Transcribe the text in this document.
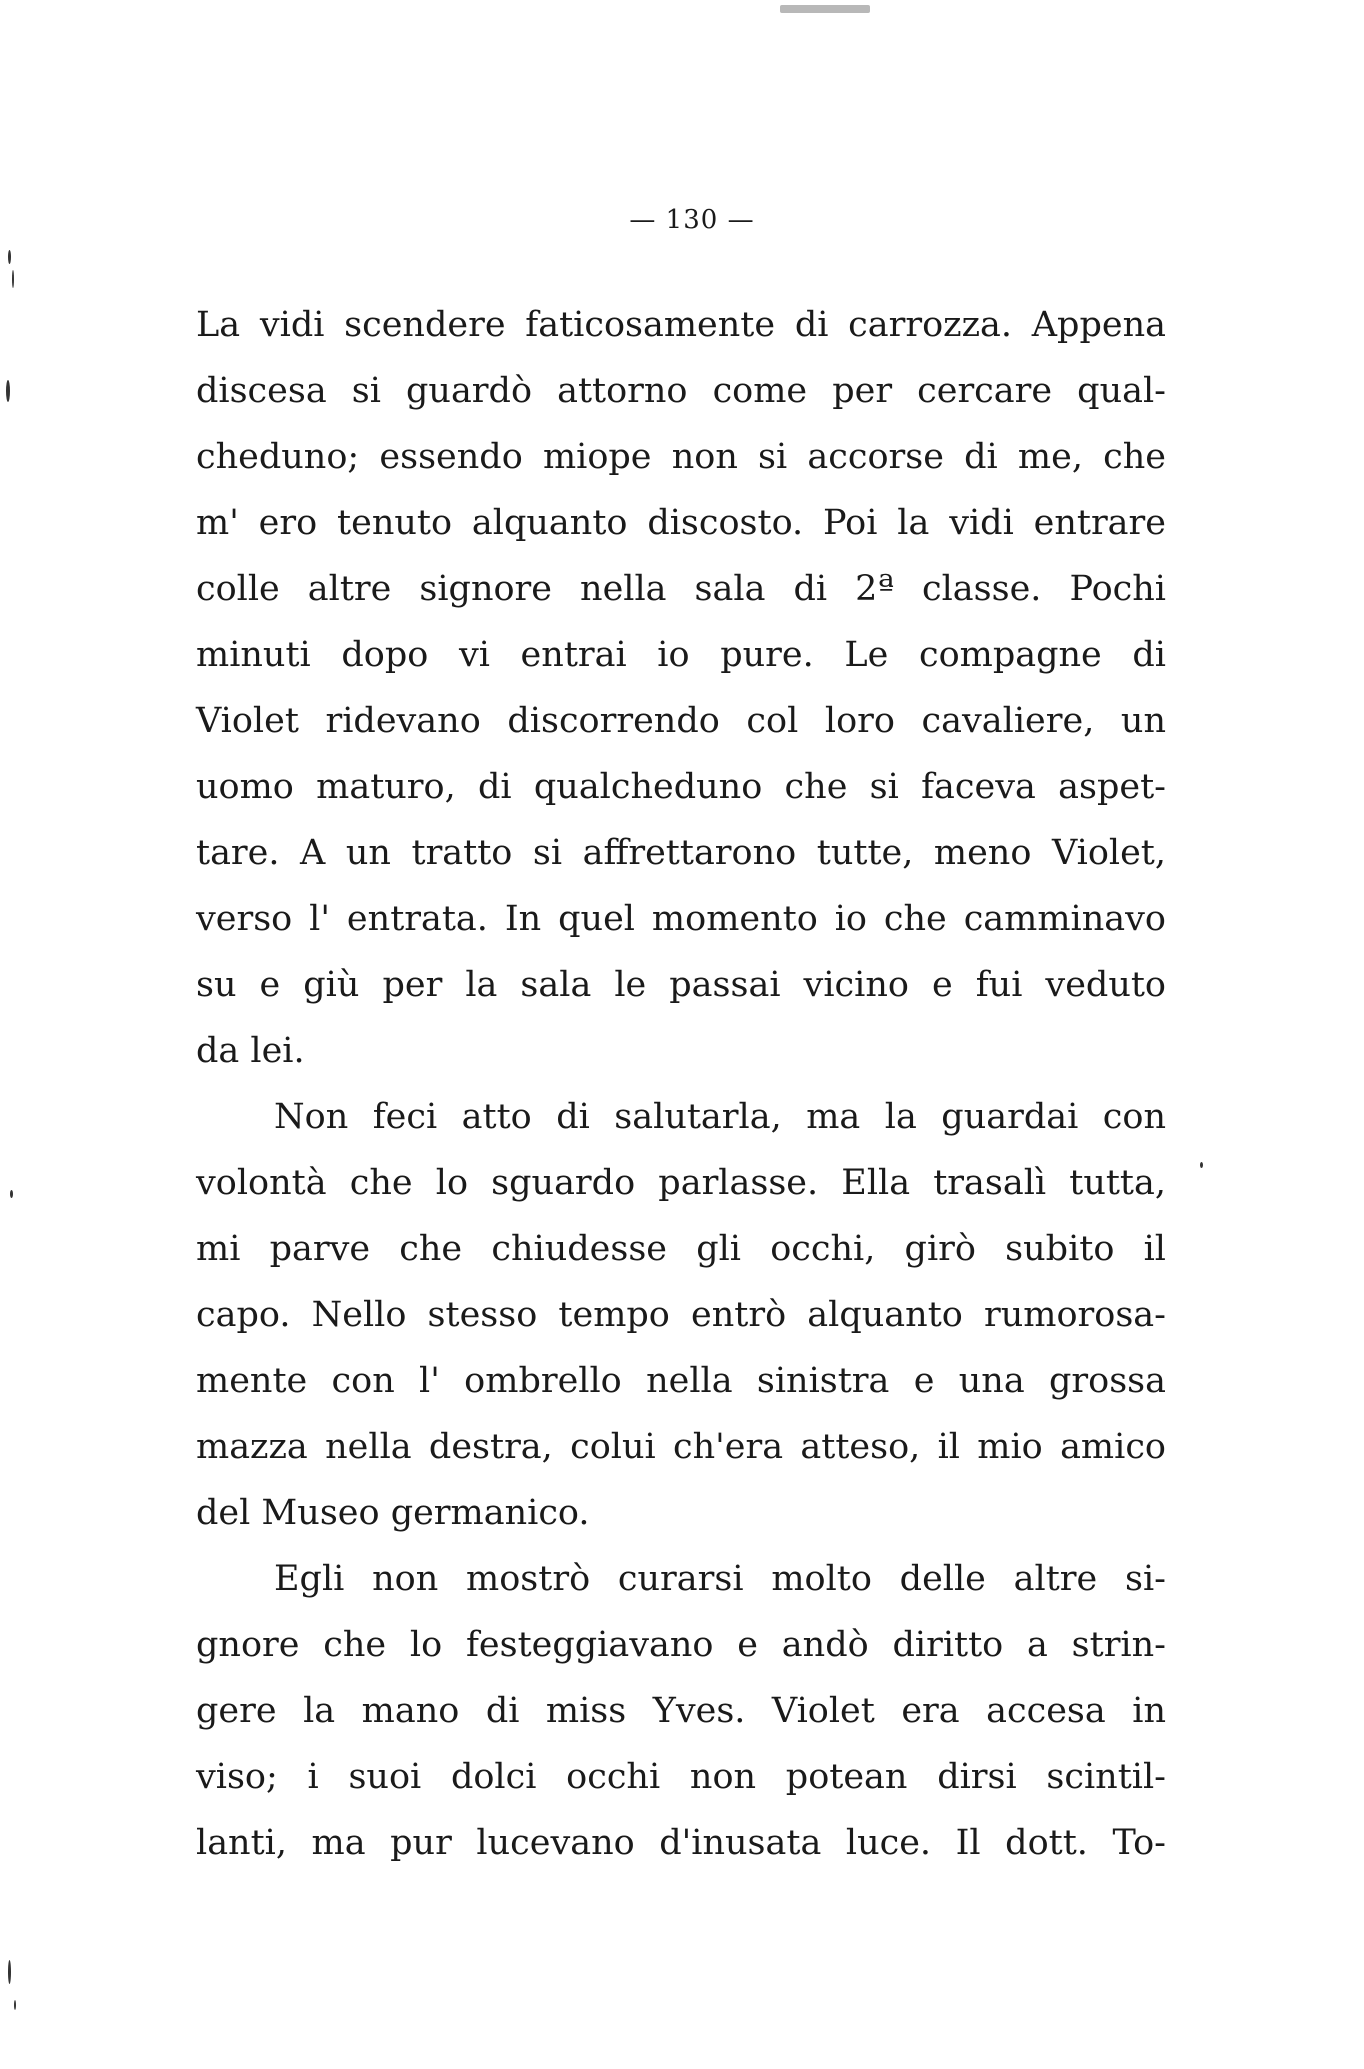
— 130 —
La vidi scendere faticosamente di carrozza. Appena
discesa si guardò attorno come per cercare qual-
cheduno; essendo miope non si accorse di me, che
m' ero tenuto alquanto discosto. Poi la vidi entrare
colle altre signore nella sala di 2ª classe. Pochi
minuti dopo vi entrai io pure. Le compagne di
Violet ridevano discorrendo col loro cavaliere, un
uomo maturo, di qualcheduno che si faceva aspet-
tare. A un tratto si affrettarono tutte, meno Violet,
verso l' entrata. In quel momento io che camminavo
su e giù per la sala le passai vicino e fui veduto
da lei.
Non feci atto di salutarla, ma la guardai con
volontà che lo sguardo parlasse. Ella trasalì tutta,
mi parve che chiudesse gli occhi, girò subito il
capo. Nello stesso tempo entrò alquanto rumorosa-
mente con l' ombrello nella sinistra e una grossa
mazza nella destra, colui ch'era atteso, il mio amico
del Museo germanico.
Egli non mostrò curarsi molto delle altre si-
gnore che lo festeggiavano e andò diritto a strin-
gere la mano di miss Yves. Violet era accesa in
viso; i suoi dolci occhi non potean dirsi scintil-
lanti, ma pur lucevano d'inusata luce. Il dott. To-
